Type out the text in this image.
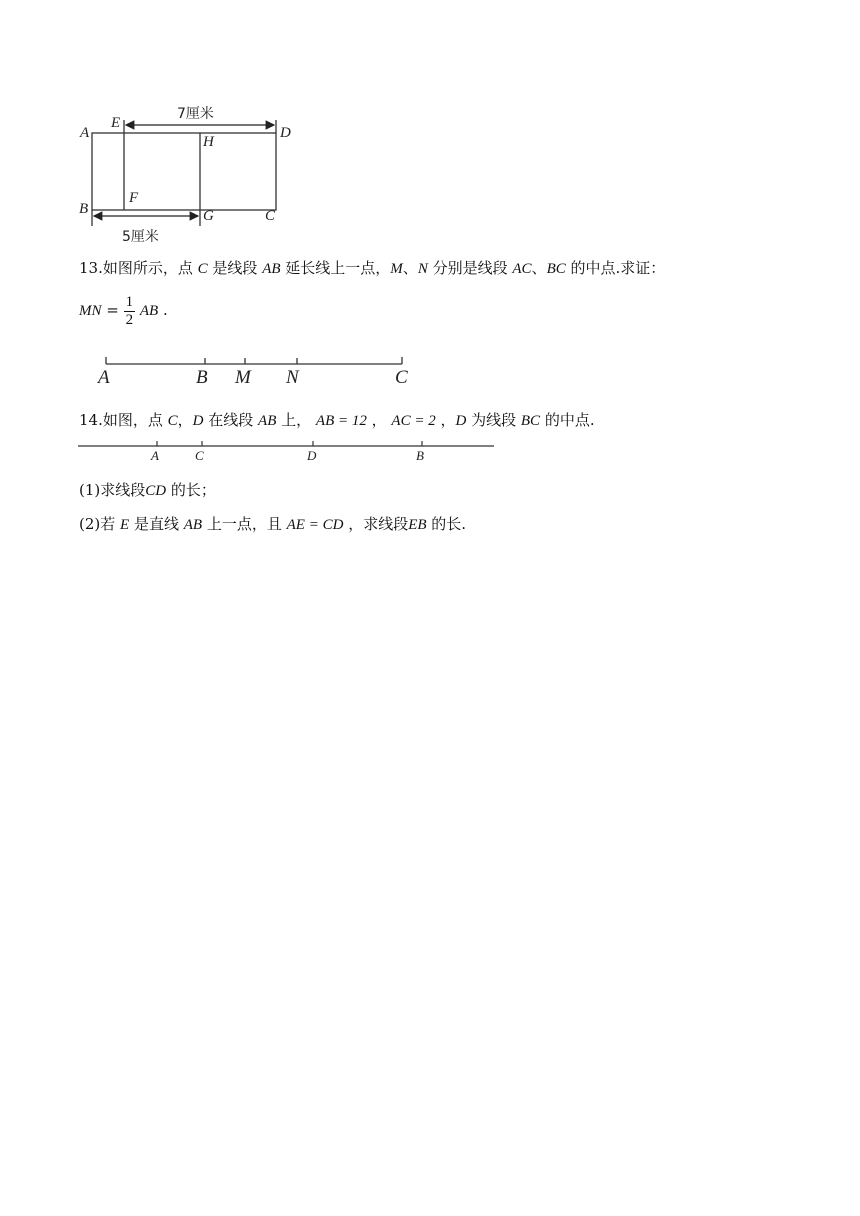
7厘米
5厘米
A
E
D
H
B
F
G	C
13.如图所示，点 C 是线段 AB 延长线上一点，M、N 分别是线段 AC、BC 的中点.求证：
MN = $\frac{1}{2}$ AB .
A	B M N	C
14.如图，点 C，D 在线段 AB 上， AB = 12 ， AC = 2 ，D 为线段 BC 的中点.
A	C	D	B
(1)求线段CD 的长；
(2)若 E 是直线 AB 上一点，且 AE = CD ，求线段EB 的长.
